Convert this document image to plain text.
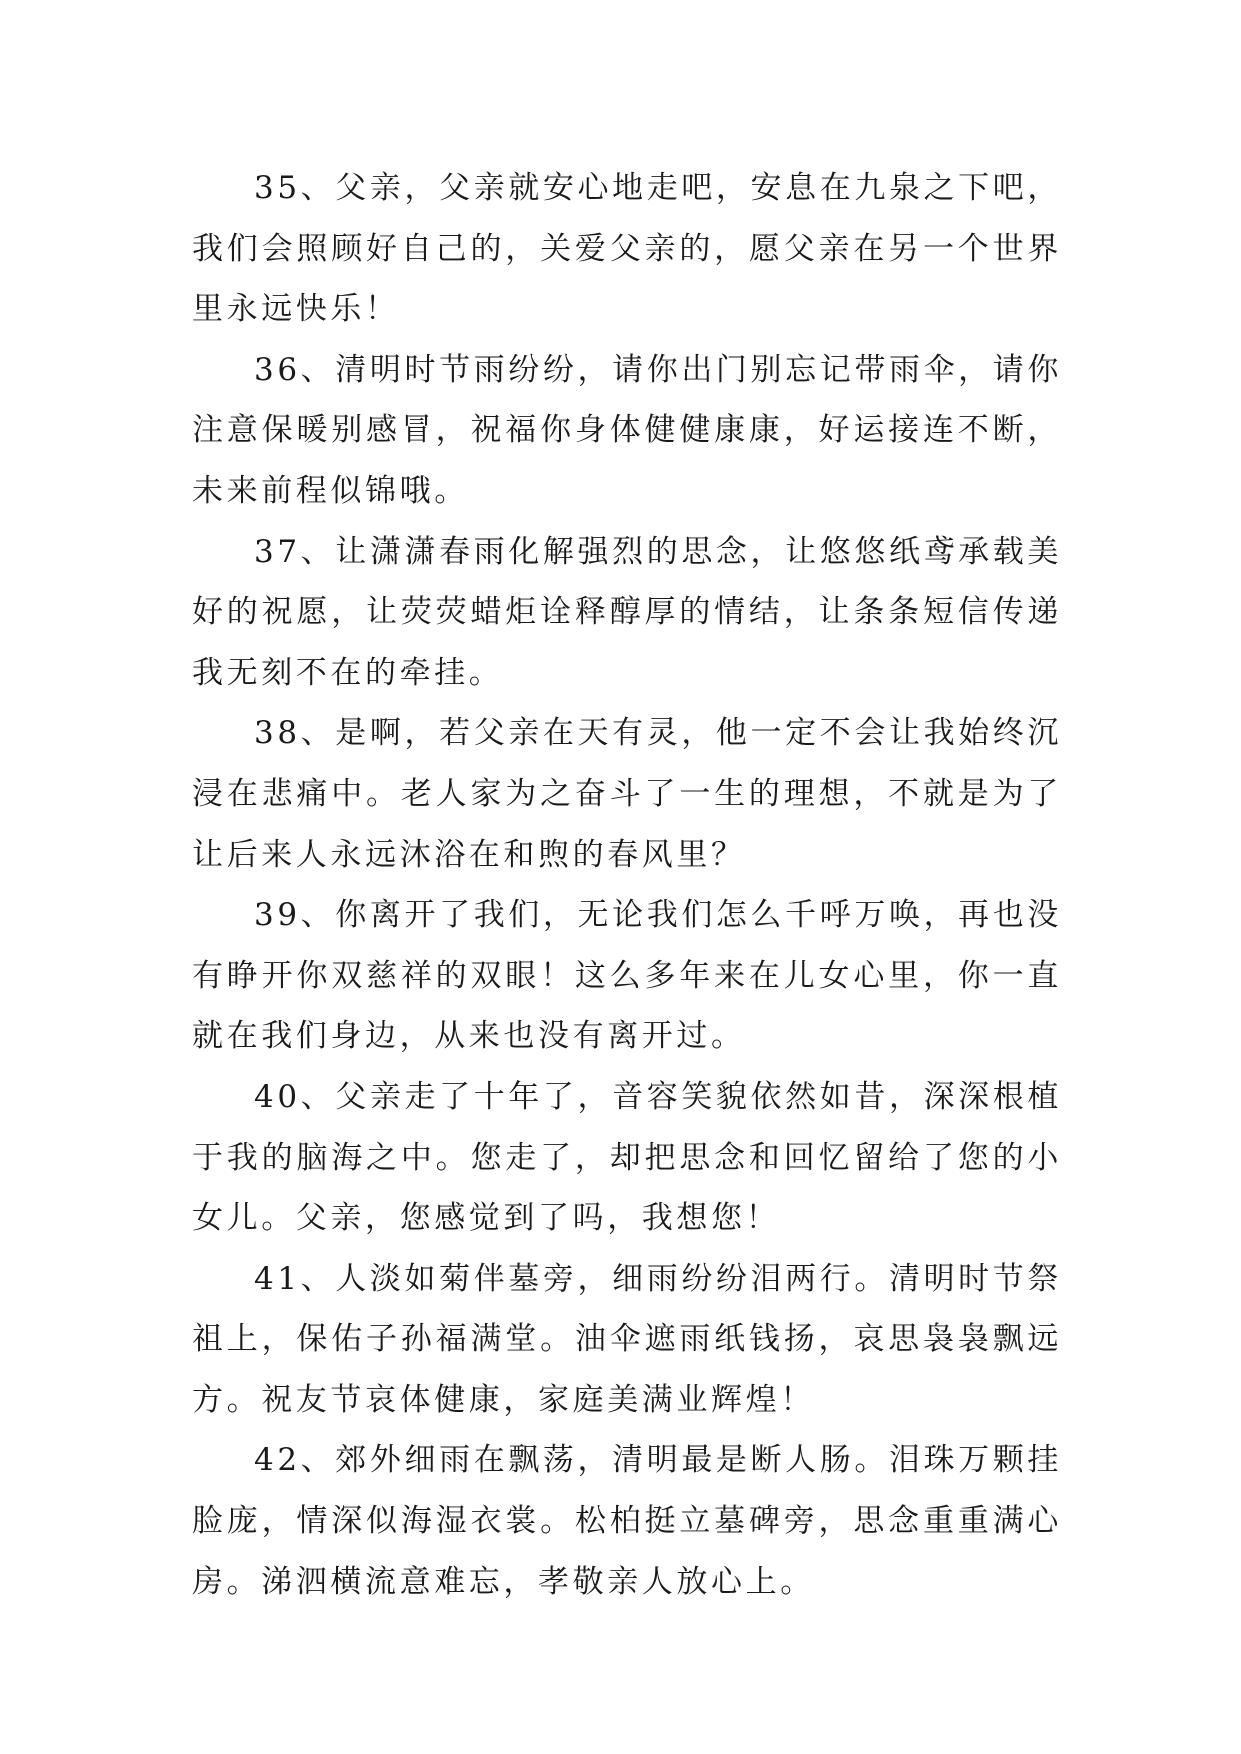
35、父亲，父亲就安心地走吧，安息在九泉之下吧，我们会照顾好自己的，关爱父亲的，愿父亲在另一个世界里永远快乐！

36、清明时节雨纷纷，请你出门别忘记带雨伞，请你注意保暖别感冒，祝福你身体健健康康，好运接连不断，未来前程似锦哦。

37、让潇潇春雨化解强烈的思念，让悠悠纸鸢承载美好的祝愿，让荧荧蜡炬诠释醇厚的情结，让条条短信传递我无刻不在的牵挂。

38、是啊，若父亲在天有灵，他一定不会让我始终沉浸在悲痛中。老人家为之奋斗了一生的理想，不就是为了让后来人永远沐浴在和煦的春风里？

39、你离开了我们，无论我们怎么千呼万唤，再也没有睁开你双慈祥的双眼！这么多年来在儿女心里，你一直就在我们身边，从来也没有离开过。

40、父亲走了十年了，音容笑貌依然如昔，深深根植于我的脑海之中。您走了，却把思念和回忆留给了您的小女儿。父亲，您感觉到了吗，我想您！

41、人淡如菊伴墓旁，细雨纷纷泪两行。清明时节祭祖上，保佑子孙福满堂。油伞遮雨纸钱扬，哀思袅袅飘远方。祝友节哀体健康，家庭美满业辉煌！

42、郊外细雨在飘荡，清明最是断人肠。泪珠万颗挂脸庞，情深似海湿衣裳。松柏挺立墓碑旁，思念重重满心房。涕泗横流意难忘，孝敬亲人放心上。
